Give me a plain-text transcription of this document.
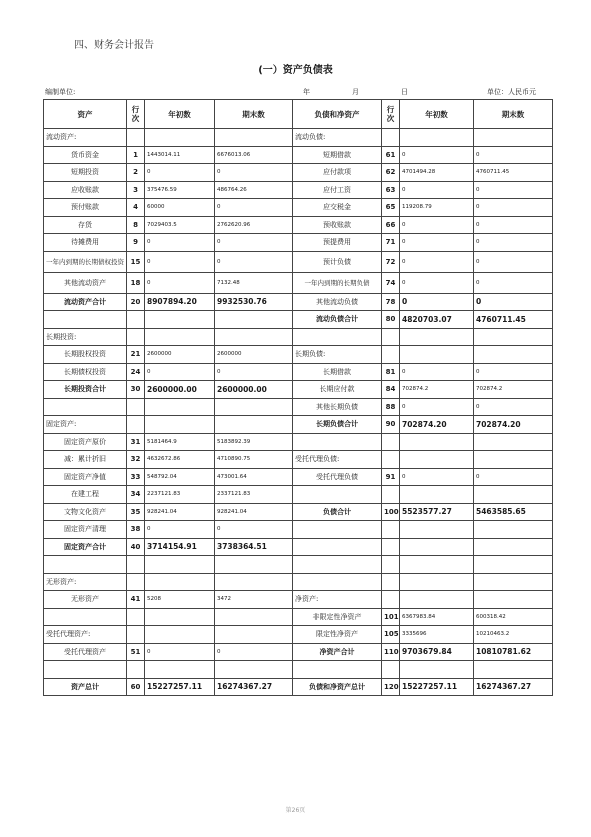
四、财务会计报告
(一）资产负债表
编制单位:	年	月	日	单位：人民币元
资产	行次	年初数	期末数	负债和净资产	行次	年初数	期末数
流动资产:				流动负债:			
货币资金	1	1443014.11	6676013.06	短期借款	61	0	0
短期投资	2	0	0	应付款项	62	4701494.28	4760711.45
应收账款	3	375476.59	486764.26	应付工资	63	0	0
预付账款	4	60000	0	应交税金	65	119208.79	0
存货	8	7029403.5	2762620.96	预收账款	66	0	0
待摊费用	9	0	0	预提费用	71	0	0
一年内到期的长期债权投资	15	0	0	预计负债	72	0	0
其他流动资产	18	0	7132.48	一年内到期的长期负债	74	0	0
流动资产合计	20	8907894.20	9932530.76	其他流动负债	78	0	0
				流动负债合计	80	4820703.07	4760711.45
长期投资:							
长期股权投资	21	2600000	2600000	长期负债:			
长期债权投资	24	0	0	长期借款	81	0	0
长期投资合计	30	2600000.00	2600000.00	长期应付款	84	702874.2	702874.2
				其他长期负债	88	0	0
固定资产:				长期负债合计	90	702874.20	702874.20
固定资产原价	31	5181464.9	5183892.39				
减：累计折旧	32	4632672.86	4710890.75	受托代理负债:			
固定资产净值	33	548792.04	473001.64	受托代理负债	91	0	0
在建工程	34	2237121.83	2337121.83				
文物文化资产	35	928241.04	928241.04	负债合计	100	5523577.27	5463585.65
固定资产清理	38	0	0				
固定资产合计	40	3714154.91	3738364.51				

无形资产:							
无形资产	41	5208	3472	净资产:			
				非限定性净资产	101	6367983.84	600318.42
受托代理资产:				限定性净资产	105	3335696	10210463.2
受托代理资产	51	0	0	净资产合计	110	9703679.84	10810781.62

资产总计	60	15227257.11	16274367.27	负债和净资产总计	120	15227257.11	16274367.27
第26页
